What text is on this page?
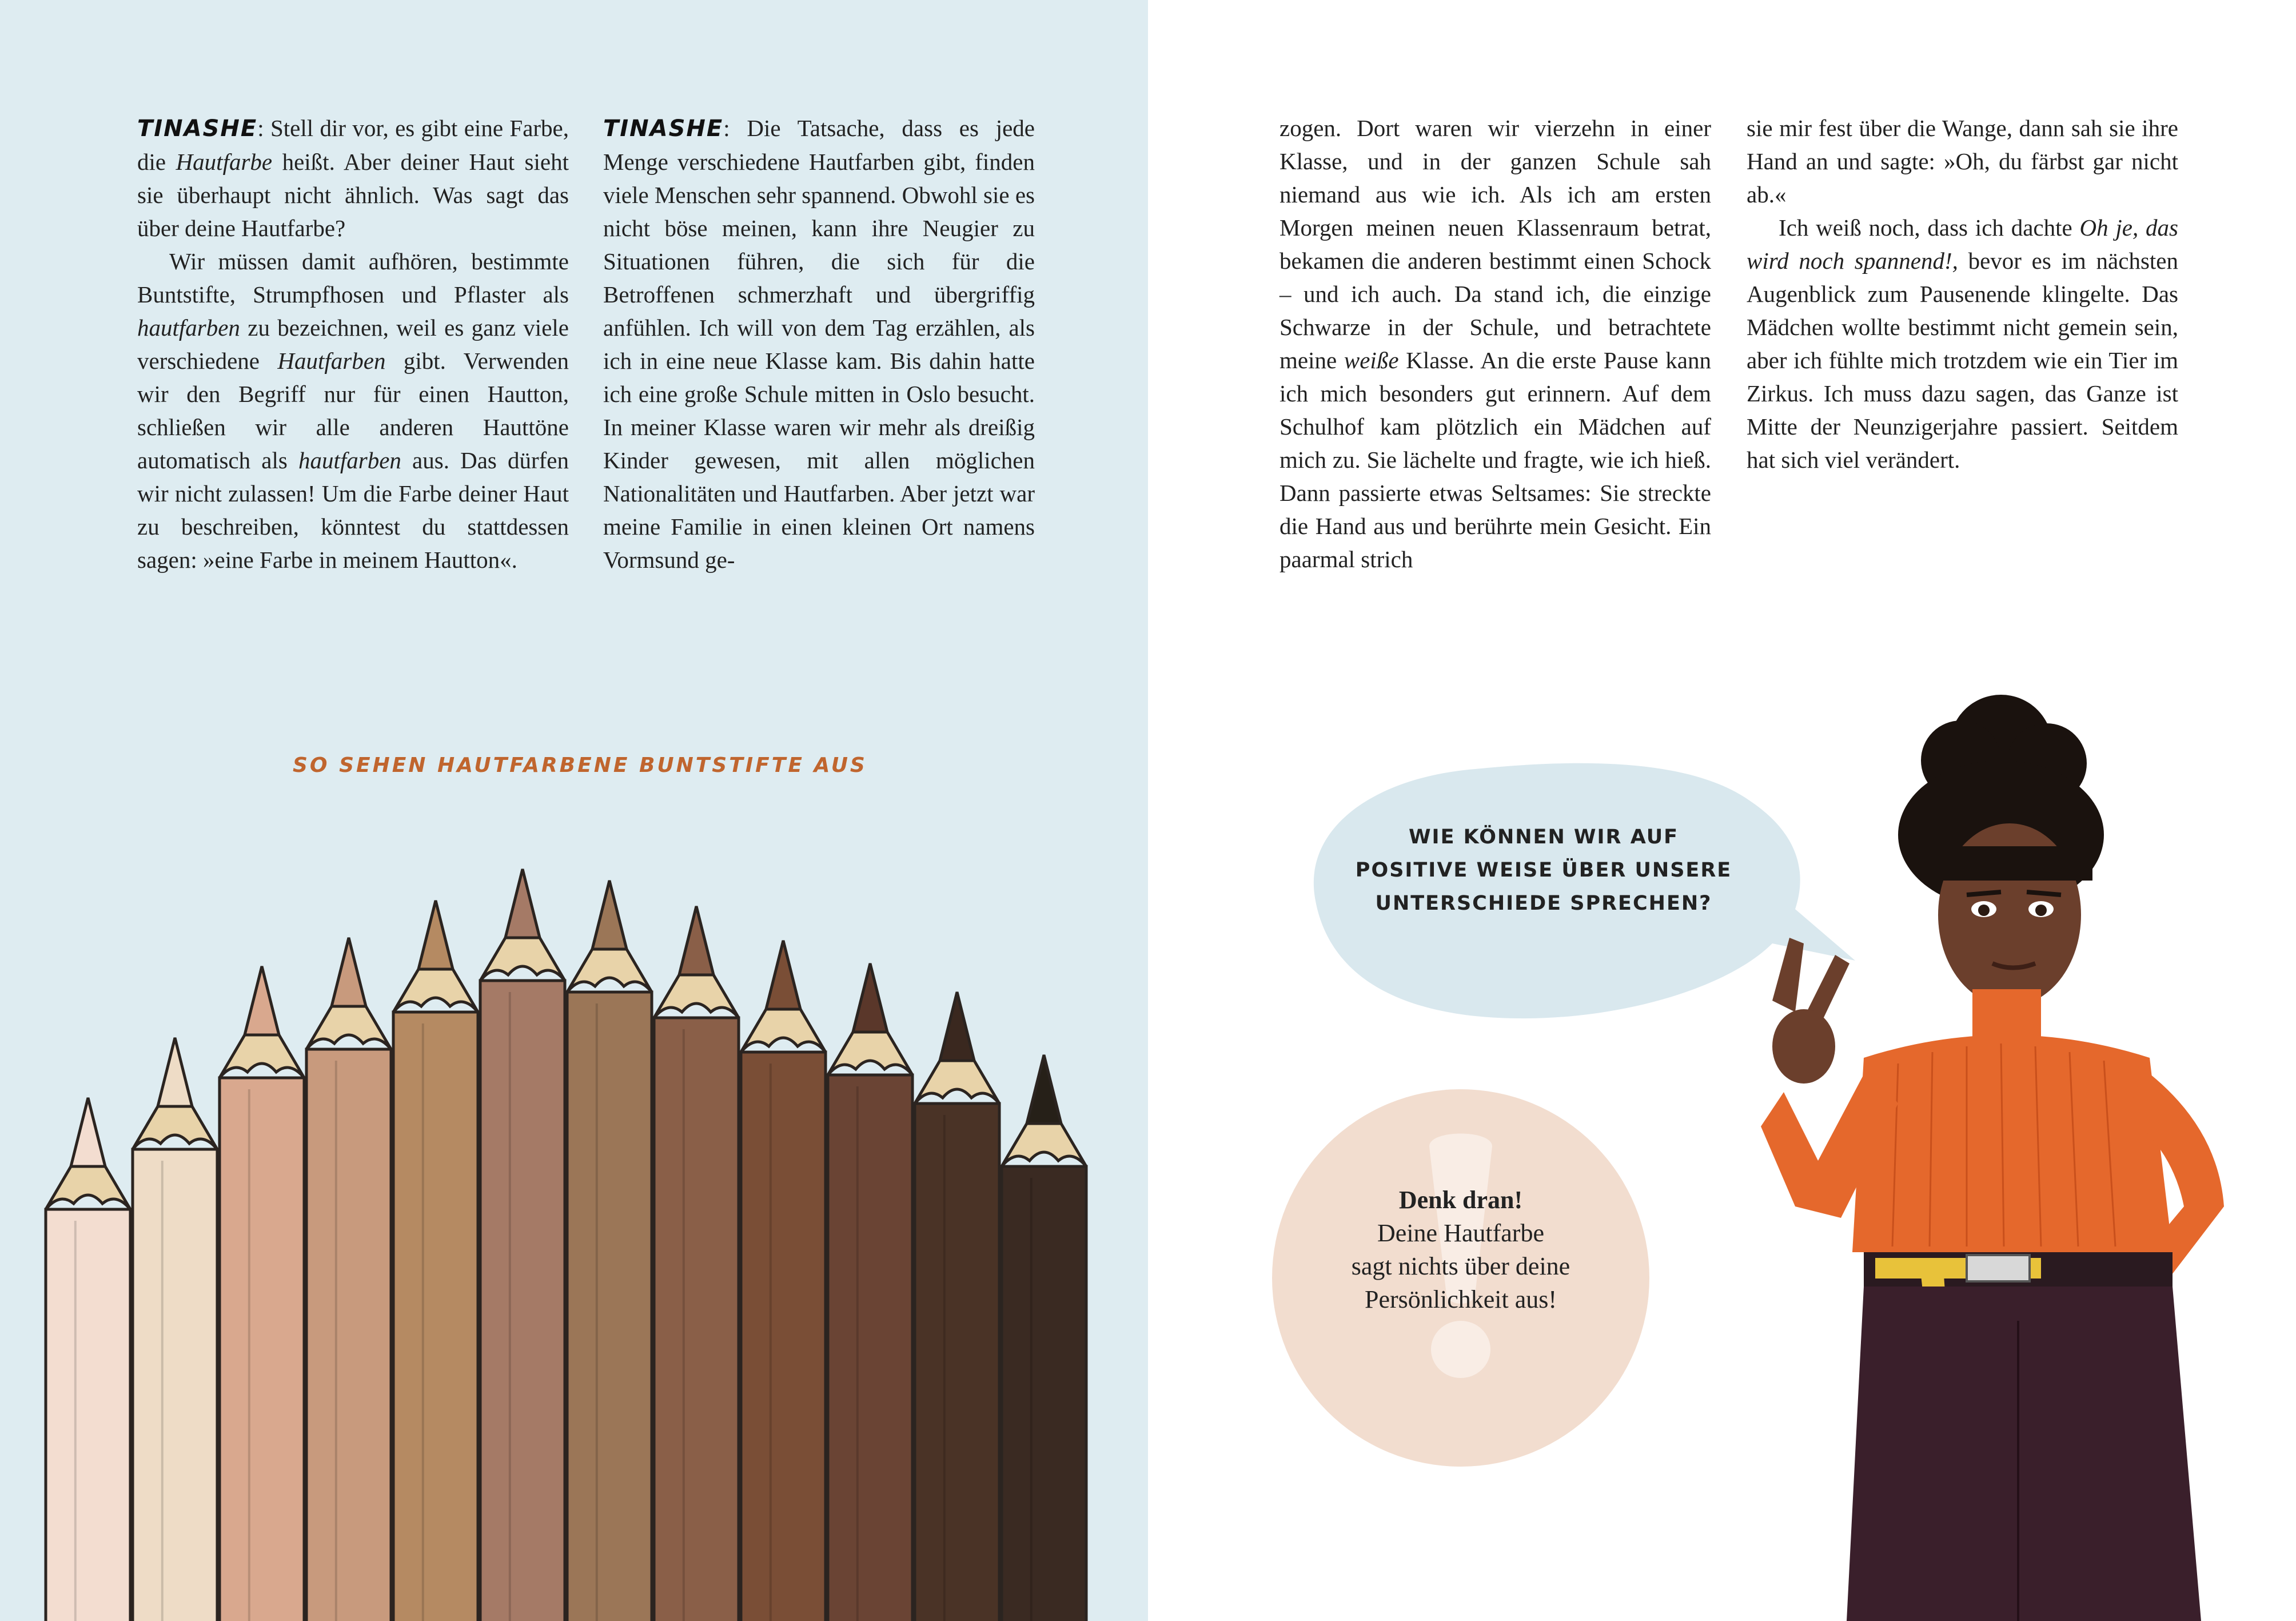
TINASHE: Stell dir vor, es gibt eine Farbe, die Hautfarbe heißt. Aber deiner Haut sieht sie überhaupt nicht ähnlich. Was sagt das über deine Hautfarbe?

Wir müssen damit aufhören, bestimmte Buntstifte, Strumpfhosen und Pflaster als hautfarben zu bezeichnen, weil es ganz viele verschiedene Hautfarben gibt. Verwenden wir den Begriff nur für einen Hautton, schließen wir alle anderen Hauttöne automatisch als hautfarben aus. Das dürfen wir nicht zulassen! Um die Farbe deiner Haut zu beschreiben, könntest du stattdessen sagen: »eine Farbe in meinem Hautton«.

TINASHE: Die Tatsache, dass es jede Menge verschiedene Hautfarben gibt, finden viele Menschen sehr spannend. Obwohl sie es nicht böse meinen, kann ihre Neugier zu Situationen führen, die sich für die Betroffenen schmerzhaft und übergriffig anfühlen. Ich will von dem Tag erzählen, als ich in eine neue Klasse kam. Bis dahin hatte ich eine große Schule mitten in Oslo besucht. In meiner Klasse waren wir mehr als dreißig Kinder gewesen, mit allen möglichen Nationalitäten und Hautfarben. Aber jetzt war meine Familie in einen kleinen Ort namens Vormsund ge-

zogen. Dort waren wir vierzehn in einer Klasse, und in der ganzen Schule sah niemand aus wie ich. Als ich am ersten Morgen meinen neuen Klassenraum betrat, bekamen die anderen bestimmt einen Schock – und ich auch. Da stand ich, die einzige Schwarze in der Schule, und betrachtete meine weiße Klasse. An die erste Pause kann ich mich besonders gut erinnern. Auf dem Schulhof kam plötzlich ein Mädchen auf mich zu. Sie lächelte und fragte, wie ich hieß. Dann passierte etwas Seltsames: Sie streckte die Hand aus und berührte mein Gesicht. Ein paarmal strich

sie mir fest über die Wange, dann sah sie ihre Hand an und sagte: »Oh, du färbst gar nicht ab.«

Ich weiß noch, dass ich dachte Oh je, das wird noch spannend!, bevor es im nächsten Augenblick zum Pausenende klingelte. Das Mädchen wollte bestimmt nicht gemein sein, aber ich fühlte mich trotzdem wie ein Tier im Zirkus. Ich muss dazu sagen, das Ganze ist Mitte der Neunzigerjahre passiert. Seitdem hat sich viel verändert.

SO SEHEN HAUTFARBENE BUNTSTIFTE AUS
WIE KÖNNEN WIR AUF
POSITIVE WEISE ÜBER UNSERE
UNTERSCHIEDE SPRECHEN?
Denk dran!
Deine Hautfarbe
sagt nichts über deine
Persönlichkeit aus!
